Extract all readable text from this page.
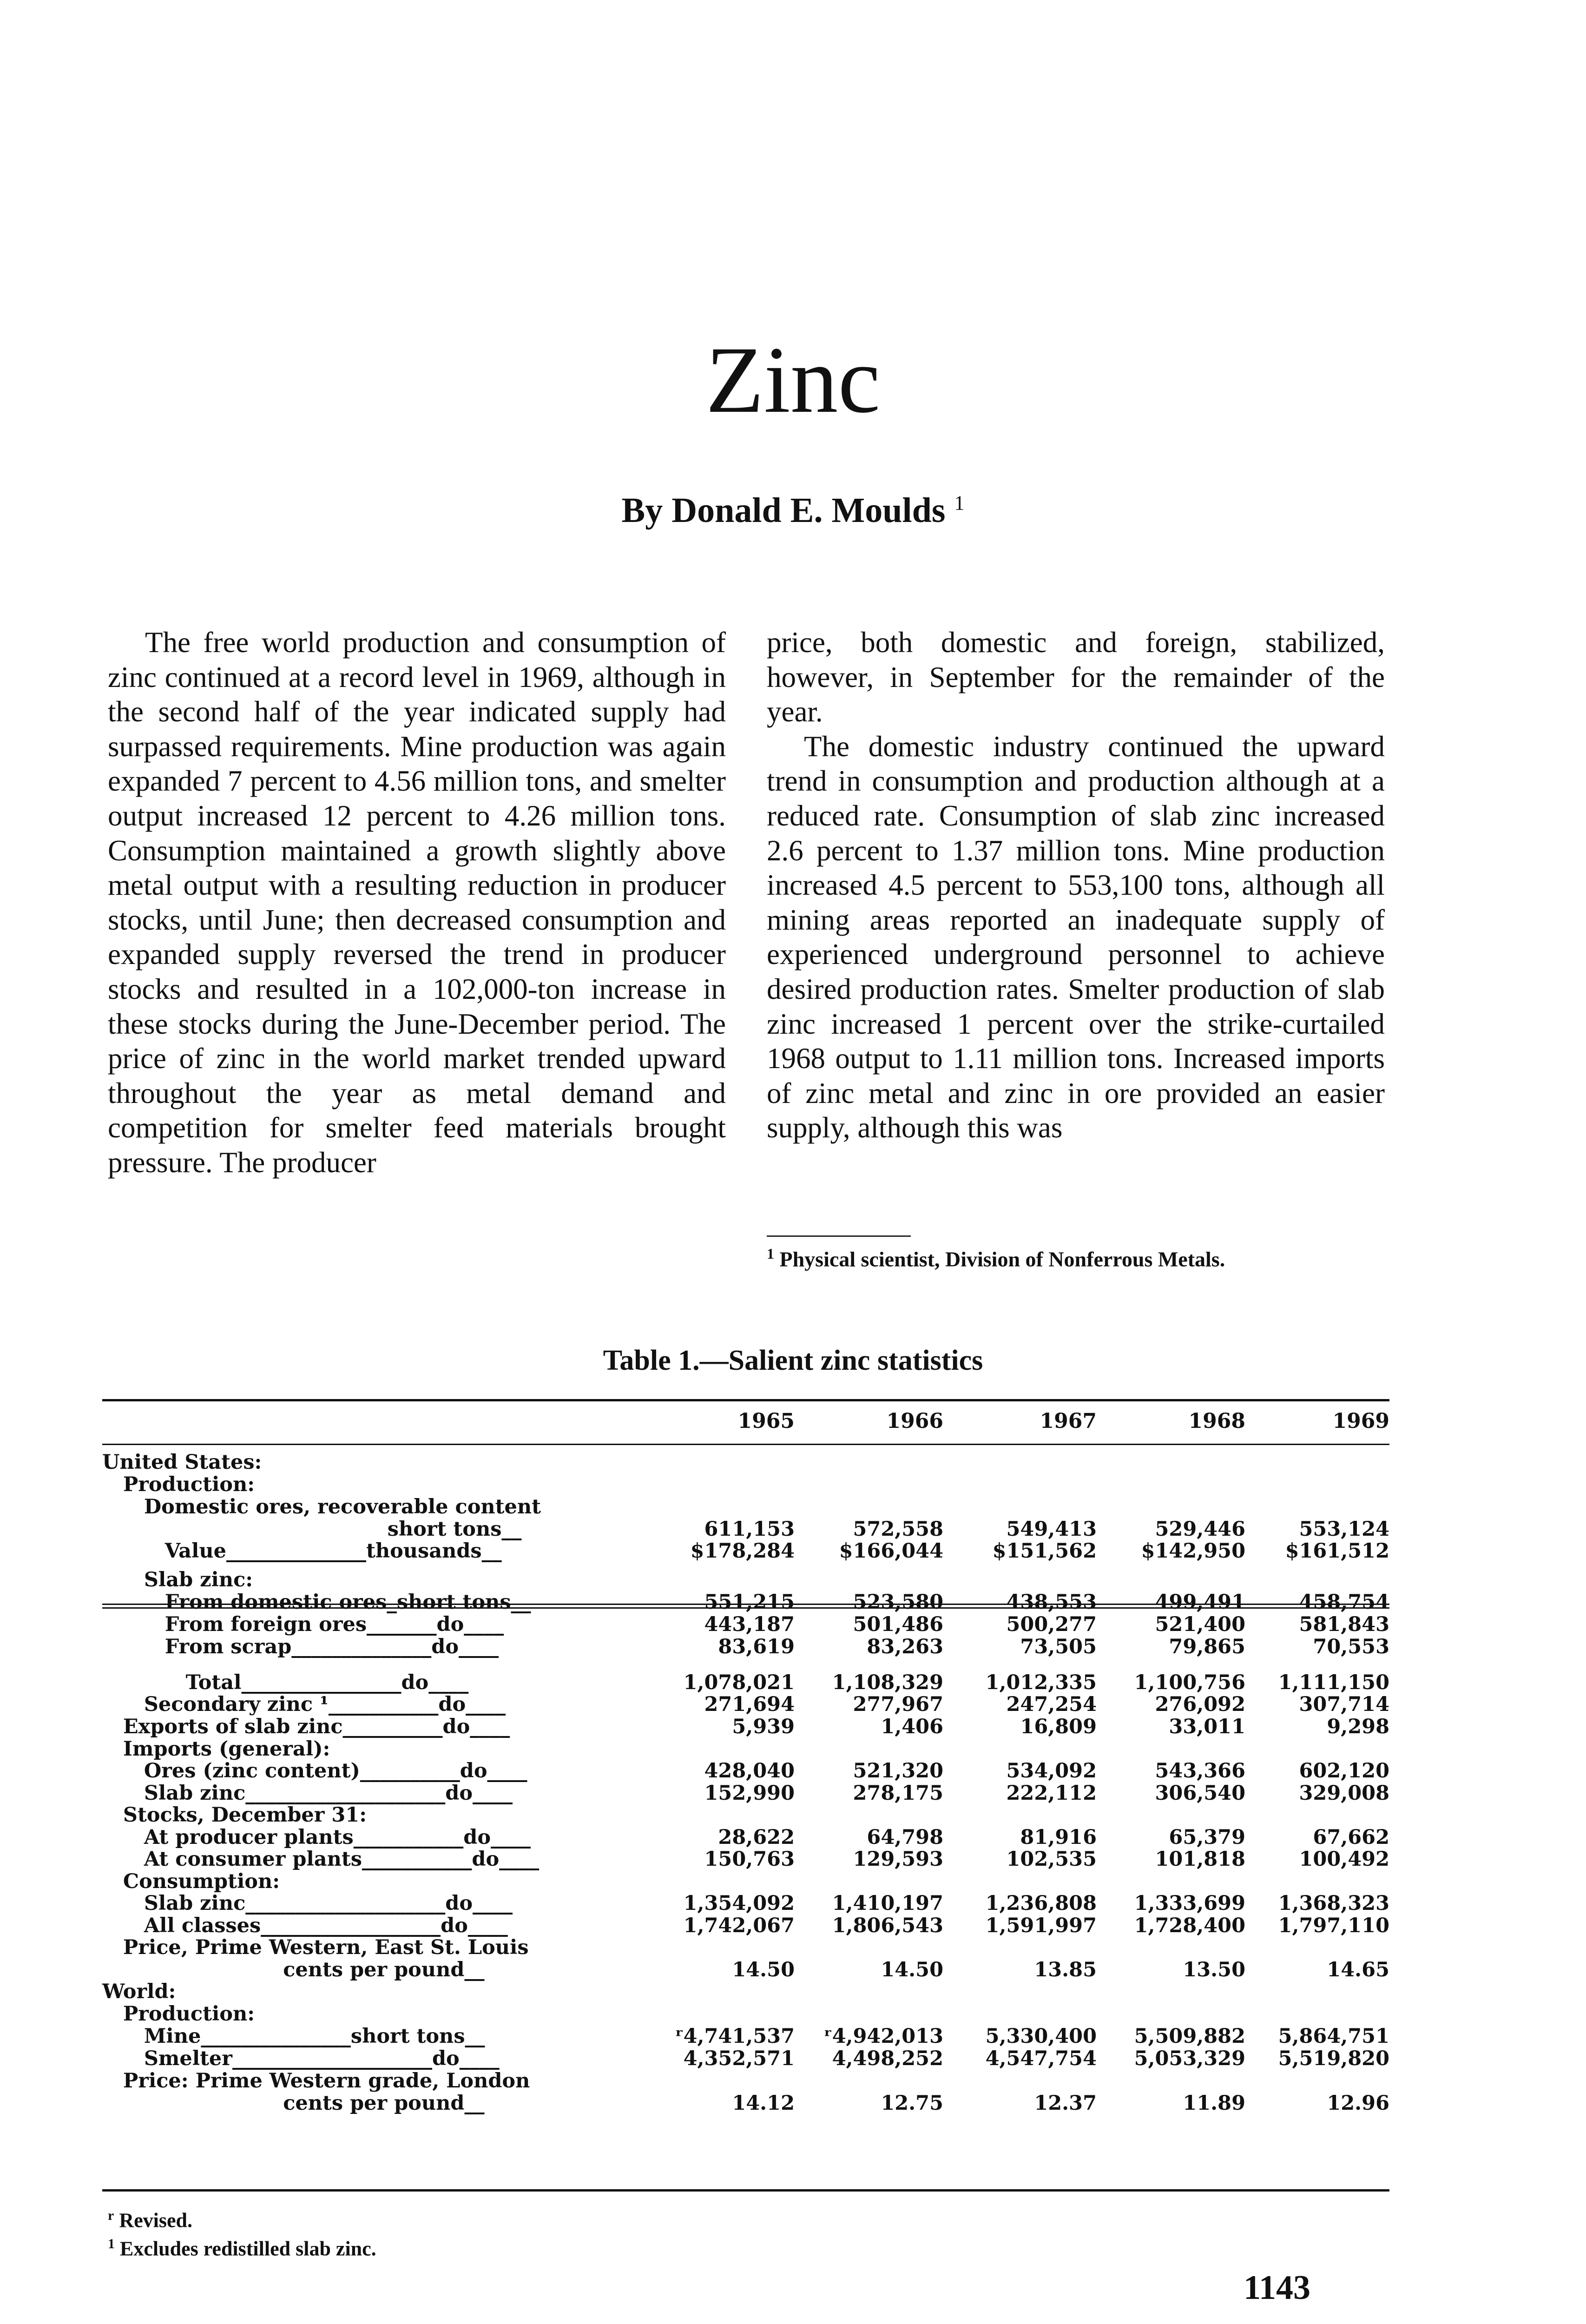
Zinc
By Donald E. Moulds $^1$

The free world production and consumption of zinc continued at a record level in 1969, although in the second half of the year indicated supply had surpassed requirements. Mine production was again expanded 7 percent to 4.56 million tons, and smelter output increased 12 percent to 4.26 million tons. Consumption maintained a growth slightly above metal output with a resulting reduction in producer stocks, until June; then decreased consumption and expanded supply reversed the trend in producer stocks and resulted in a 102,000-ton increase in these stocks during the June-December period. The price of zinc in the world market trended upward throughout the year as metal demand and competition for smelter feed materials brought pressure. The producer

price, both domestic and foreign, stabilized, however, in September for the remainder of the year.

The domestic industry continued the upward trend in consumption and production although at a reduced rate. Consumption of slab zinc increased 2.6 percent to 1.37 million tons. Mine production increased 4.5 percent to 553,100 tons, although all mining areas reported an inadequate supply of experienced underground personnel to achieve desired production rates. Smelter production of slab zinc increased 1 percent over the strike-curtailed 1968 output to 1.11 million tons. Increased imports of zinc metal and zinc in ore provided an easier supply, although this was

$^1$ Physical scientist, Division of Nonferrous Metals.
Table 1.—Salient zinc statistics
1965	1966	1967	1968	1969
United States:
Production:
Domestic ores, recoverable content
short tons__	611,153	572,558	549,413	529,446	553,124
Value______________thousands__	$178,284	$166,044	$151,562	$142,950	$161,512
Slab zinc:
From domestic ores_short tons__	551,215	523,580	438,553	499,491	458,754
From foreign ores_______do____	443,187	501,486	500,277	521,400	581,843
From scrap______________do____	83,619	83,263	73,505	79,865	70,553
Total________________do____	1,078,021	1,108,329	1,012,335	1,100,756	1,111,150
Secondary zinc ¹___________do____	271,694	277,967	247,254	276,092	307,714
Exports of slab zinc__________do____	5,939	1,406	16,809	33,011	9,298
Imports (general):
Ores (zinc content)__________do____	428,040	521,320	534,092	543,366	602,120
Slab zinc____________________do____	152,990	278,175	222,112	306,540	329,008
Stocks, December 31:
At producer plants___________do____	28,622	64,798	81,916	65,379	67,662
At consumer plants___________do____	150,763	129,593	102,535	101,818	100,492
Consumption:
Slab zinc____________________do____	1,354,092	1,410,197	1,236,808	1,333,699	1,368,323
All classes__________________do____	1,742,067	1,806,543	1,591,997	1,728,400	1,797,110
Price, Prime Western, East St. Louis
cents per pound__	14.50	14.50	13.85	13.50	14.65
World:
Production:
Mine_______________short tons__	ʳ4,741,537	ʳ4,942,013	5,330,400	5,509,882	5,864,751
Smelter____________________do____	4,352,571	4,498,252	4,547,754	5,053,329	5,519,820
Price: Prime Western grade, London
cents per pound__	14.12	12.75	12.37	11.89	12.96
$^r$ Revised.
$^1$ Excludes redistilled slab zinc.
1143
